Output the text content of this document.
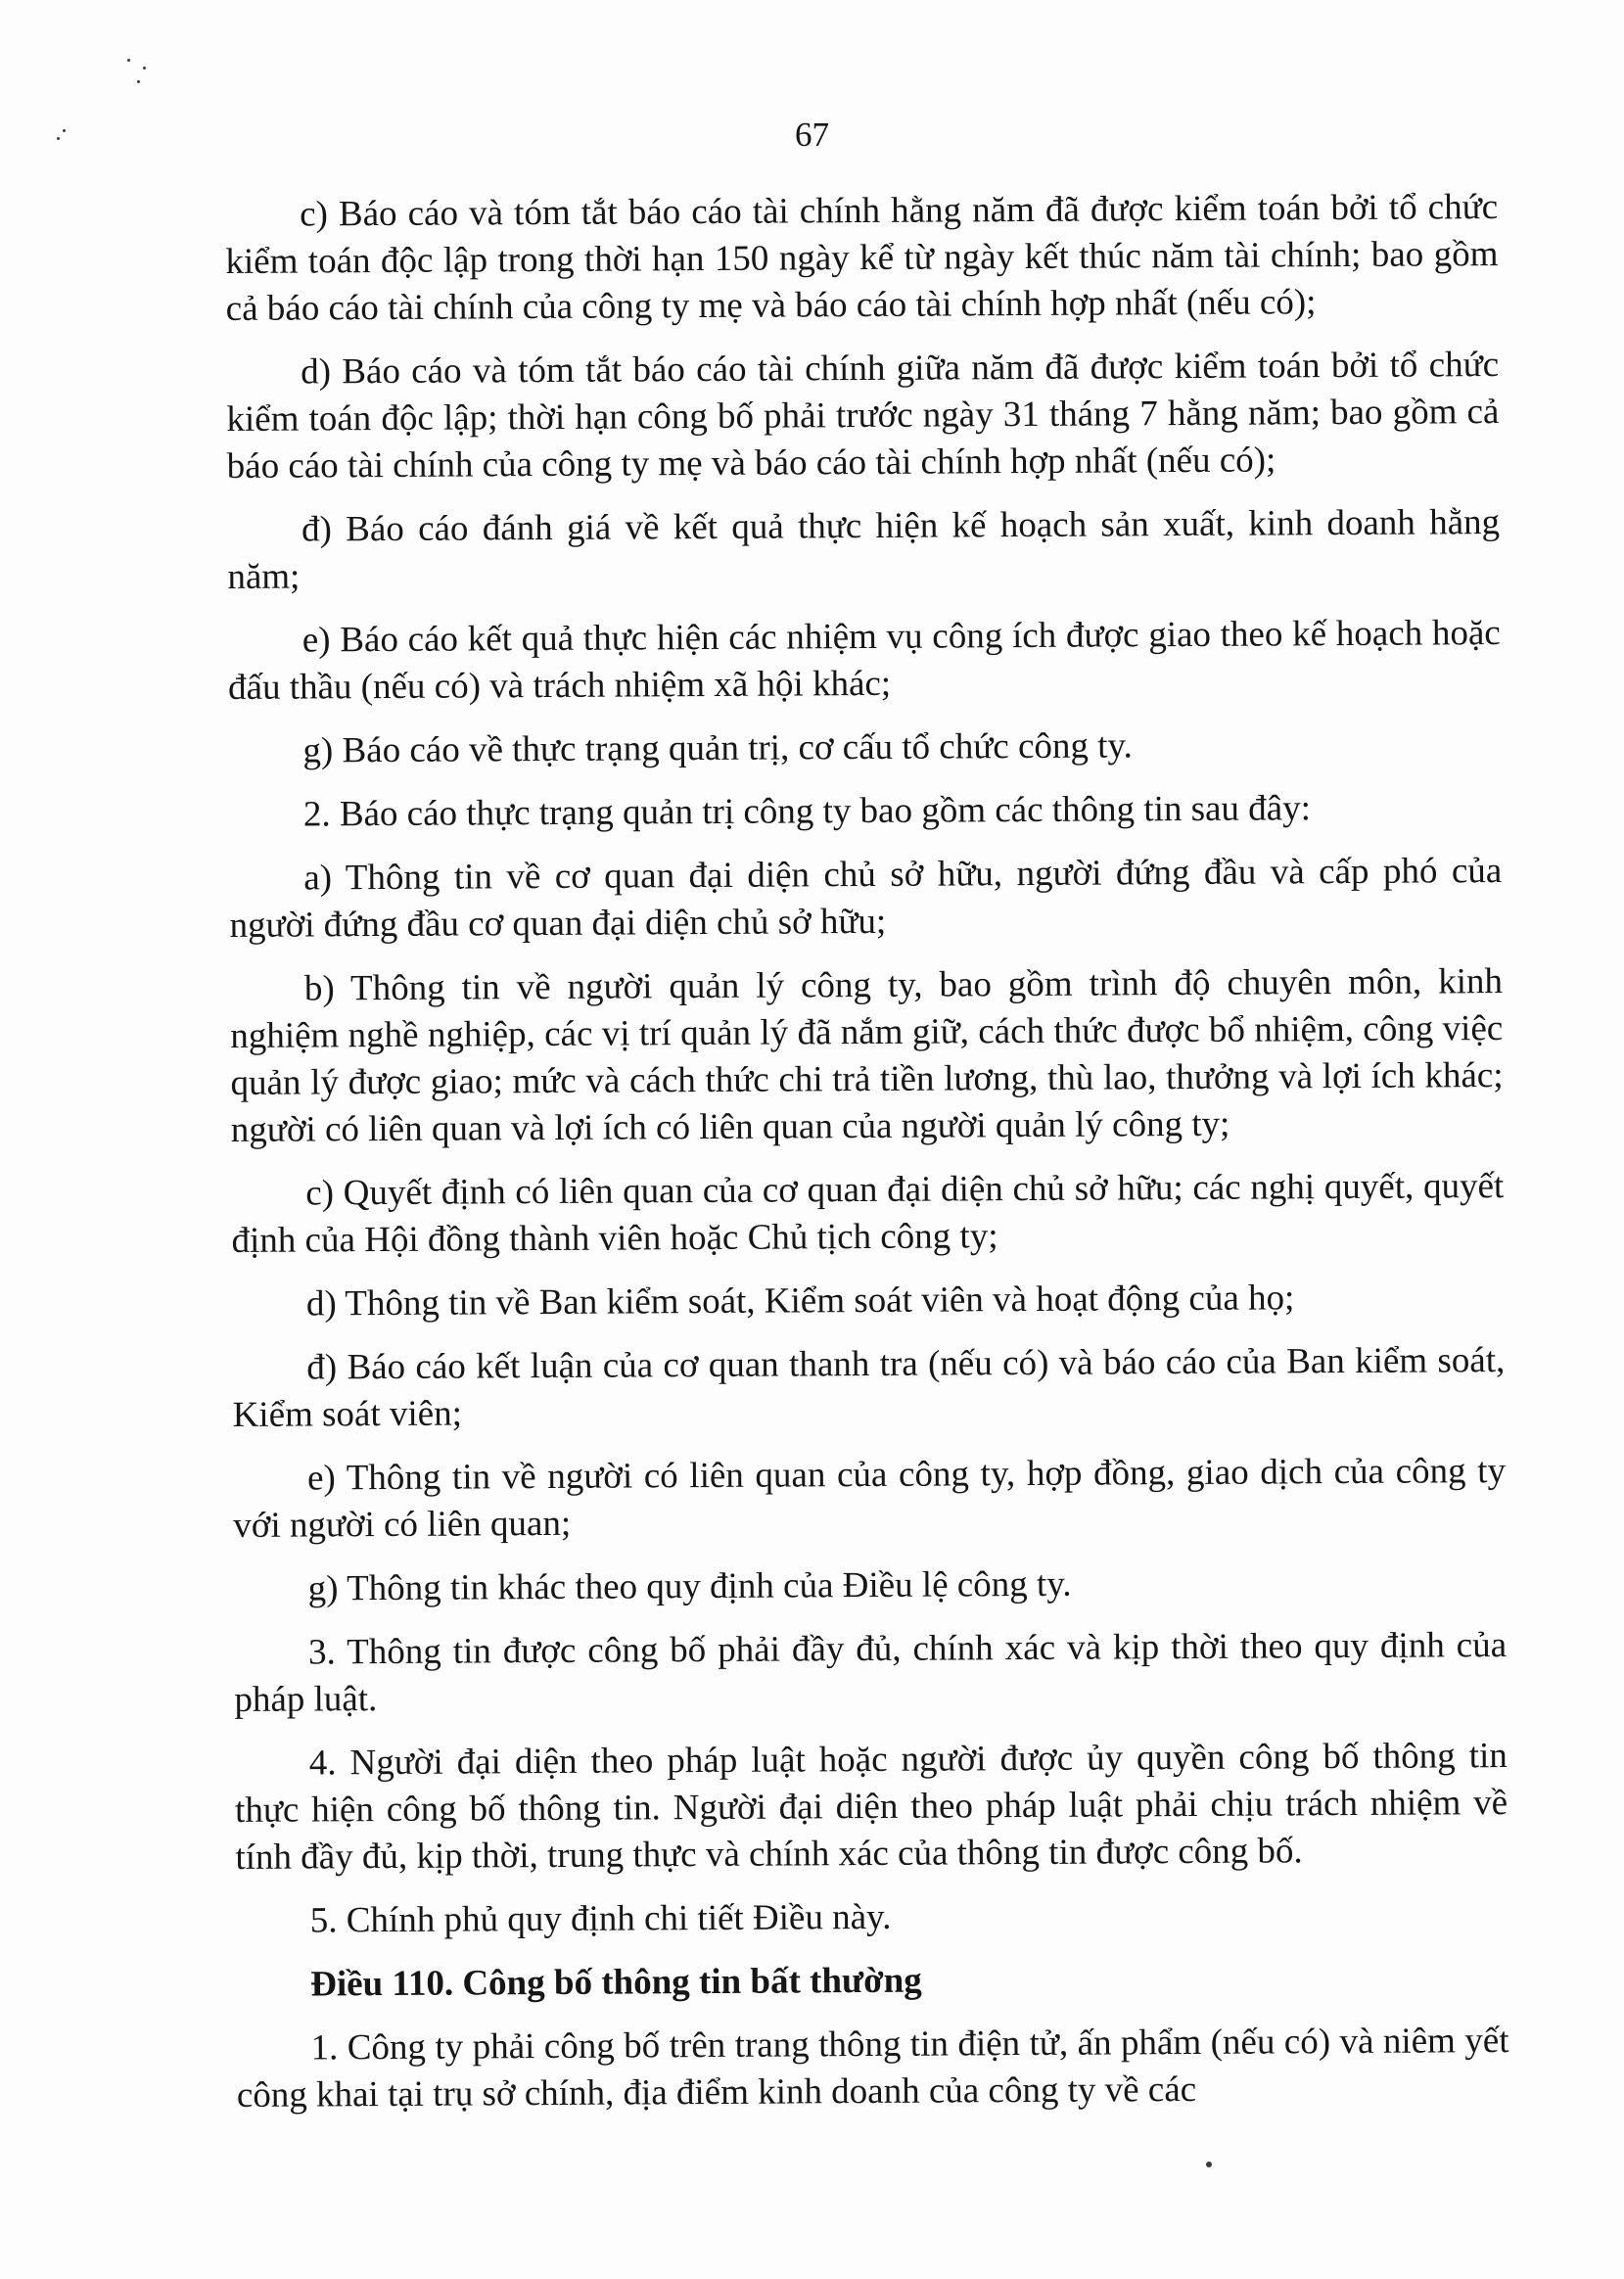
67

c) Báo cáo và tóm tắt báo cáo tài chính hằng năm đã được kiểm toán bởi tổ chức kiểm toán độc lập trong thời hạn 150 ngày kể từ ngày kết thúc năm tài chính; bao gồm cả báo cáo tài chính của công ty mẹ và báo cáo tài chính hợp nhất (nếu có);

d) Báo cáo và tóm tắt báo cáo tài chính giữa năm đã được kiểm toán bởi tổ chức kiểm toán độc lập; thời hạn công bố phải trước ngày 31 tháng 7 hằng năm; bao gồm cả báo cáo tài chính của công ty mẹ và báo cáo tài chính hợp nhất (nếu có);

đ) Báo cáo đánh giá về kết quả thực hiện kế hoạch sản xuất, kinh doanh hằng năm;

e) Báo cáo kết quả thực hiện các nhiệm vụ công ích được giao theo kế hoạch hoặc đấu thầu (nếu có) và trách nhiệm xã hội khác;

g) Báo cáo về thực trạng quản trị, cơ cấu tổ chức công ty.

2. Báo cáo thực trạng quản trị công ty bao gồm các thông tin sau đây:

a) Thông tin về cơ quan đại diện chủ sở hữu, người đứng đầu và cấp phó của người đứng đầu cơ quan đại diện chủ sở hữu;

b) Thông tin về người quản lý công ty, bao gồm trình độ chuyên môn, kinh nghiệm nghề nghiệp, các vị trí quản lý đã nắm giữ, cách thức được bổ nhiệm, công việc quản lý được giao; mức và cách thức chi trả tiền lương, thù lao, thưởng và lợi ích khác; người có liên quan và lợi ích có liên quan của người quản lý công ty;

c) Quyết định có liên quan của cơ quan đại diện chủ sở hữu; các nghị quyết, quyết định của Hội đồng thành viên hoặc Chủ tịch công ty;

d) Thông tin về Ban kiểm soát, Kiểm soát viên và hoạt động của họ;

đ) Báo cáo kết luận của cơ quan thanh tra (nếu có) và báo cáo của Ban kiểm soát, Kiểm soát viên;

e) Thông tin về người có liên quan của công ty, hợp đồng, giao dịch của công ty với người có liên quan;

g) Thông tin khác theo quy định của Điều lệ công ty.

3. Thông tin được công bố phải đầy đủ, chính xác và kịp thời theo quy định của pháp luật.

4. Người đại diện theo pháp luật hoặc người được ủy quyền công bố thông tin thực hiện công bố thông tin. Người đại diện theo pháp luật phải chịu trách nhiệm về tính đầy đủ, kịp thời, trung thực và chính xác của thông tin được công bố.

5. Chính phủ quy định chi tiết Điều này.

Điều 110. Công bố thông tin bất thường

1. Công ty phải công bố trên trang thông tin điện tử, ấn phẩm (nếu có) và niêm yết công khai tại trụ sở chính, địa điểm kinh doanh của công ty về các
